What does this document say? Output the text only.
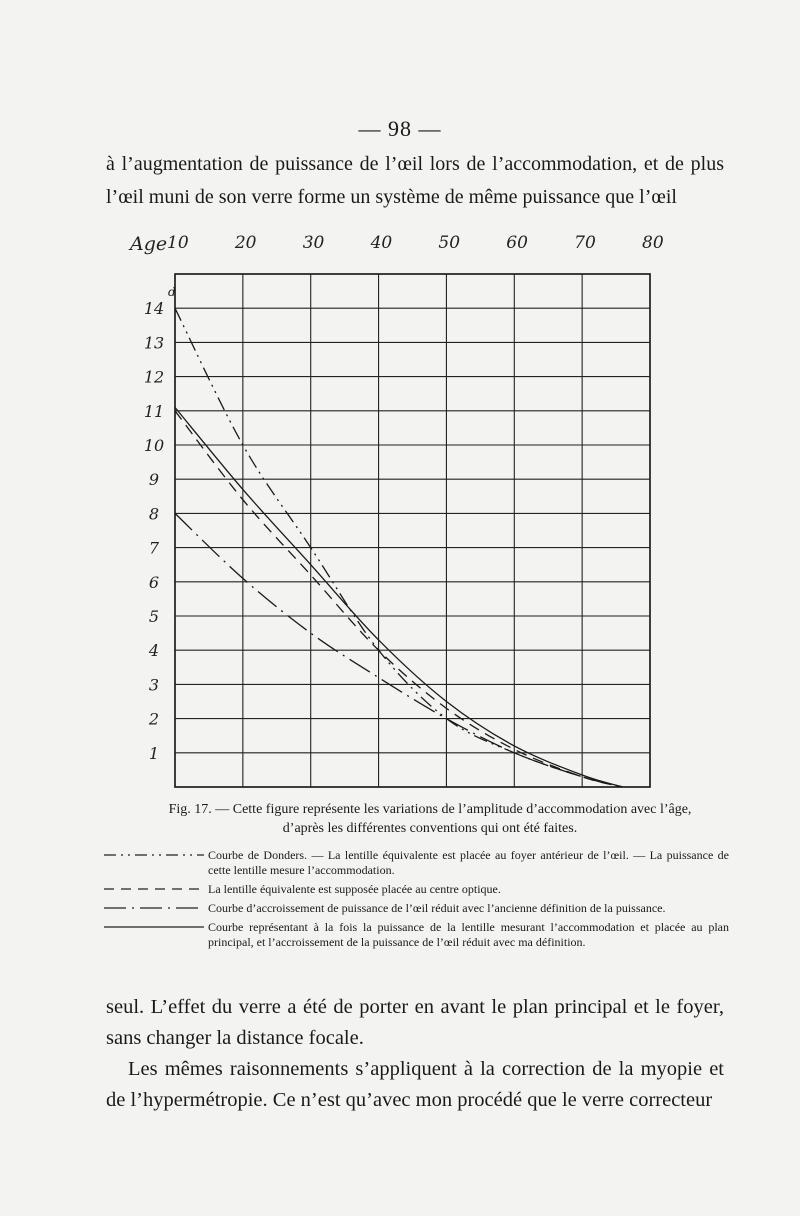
— 98 —
à l’augmentation de puissance de l’œil lors de l’accommodation, et de plus l’œil muni de son verre forme un système de même puissance que l’œil
Age 10	20	30	40	50	60	70	80
1
2
3
4
5
6
7
8
9
10
11
12
13
14
d
Fig. 17. — Cette figure représente les variations de l’amplitude d’accommodation avec l’âge,
d’après les différentes conventions qui ont été faites.
Courbe de Donders. — La lentille équivalente est placée au foyer antérieur de l’œil. — La puissance de cette lentille mesure l’accommodation.
La lentille équivalente est supposée placée au centre optique.
Courbe d’accroissement de puissance de l’œil réduit avec l’ancienne définition de la puissance.
Courbe représentant à la fois la puissance de la lentille mesurant l’accommodation et placée au plan principal, et l’accroissement de la puissance de l’œil réduit avec ma définition.
seul. L’effet du verre a été de porter en avant le plan principal et le foyer, sans changer la distance focale.
Les mêmes raisonnements s’appliquent à la correction de la myopie et de l’hypermétropie. Ce n’est qu’avec mon procédé que le verre correcteur
